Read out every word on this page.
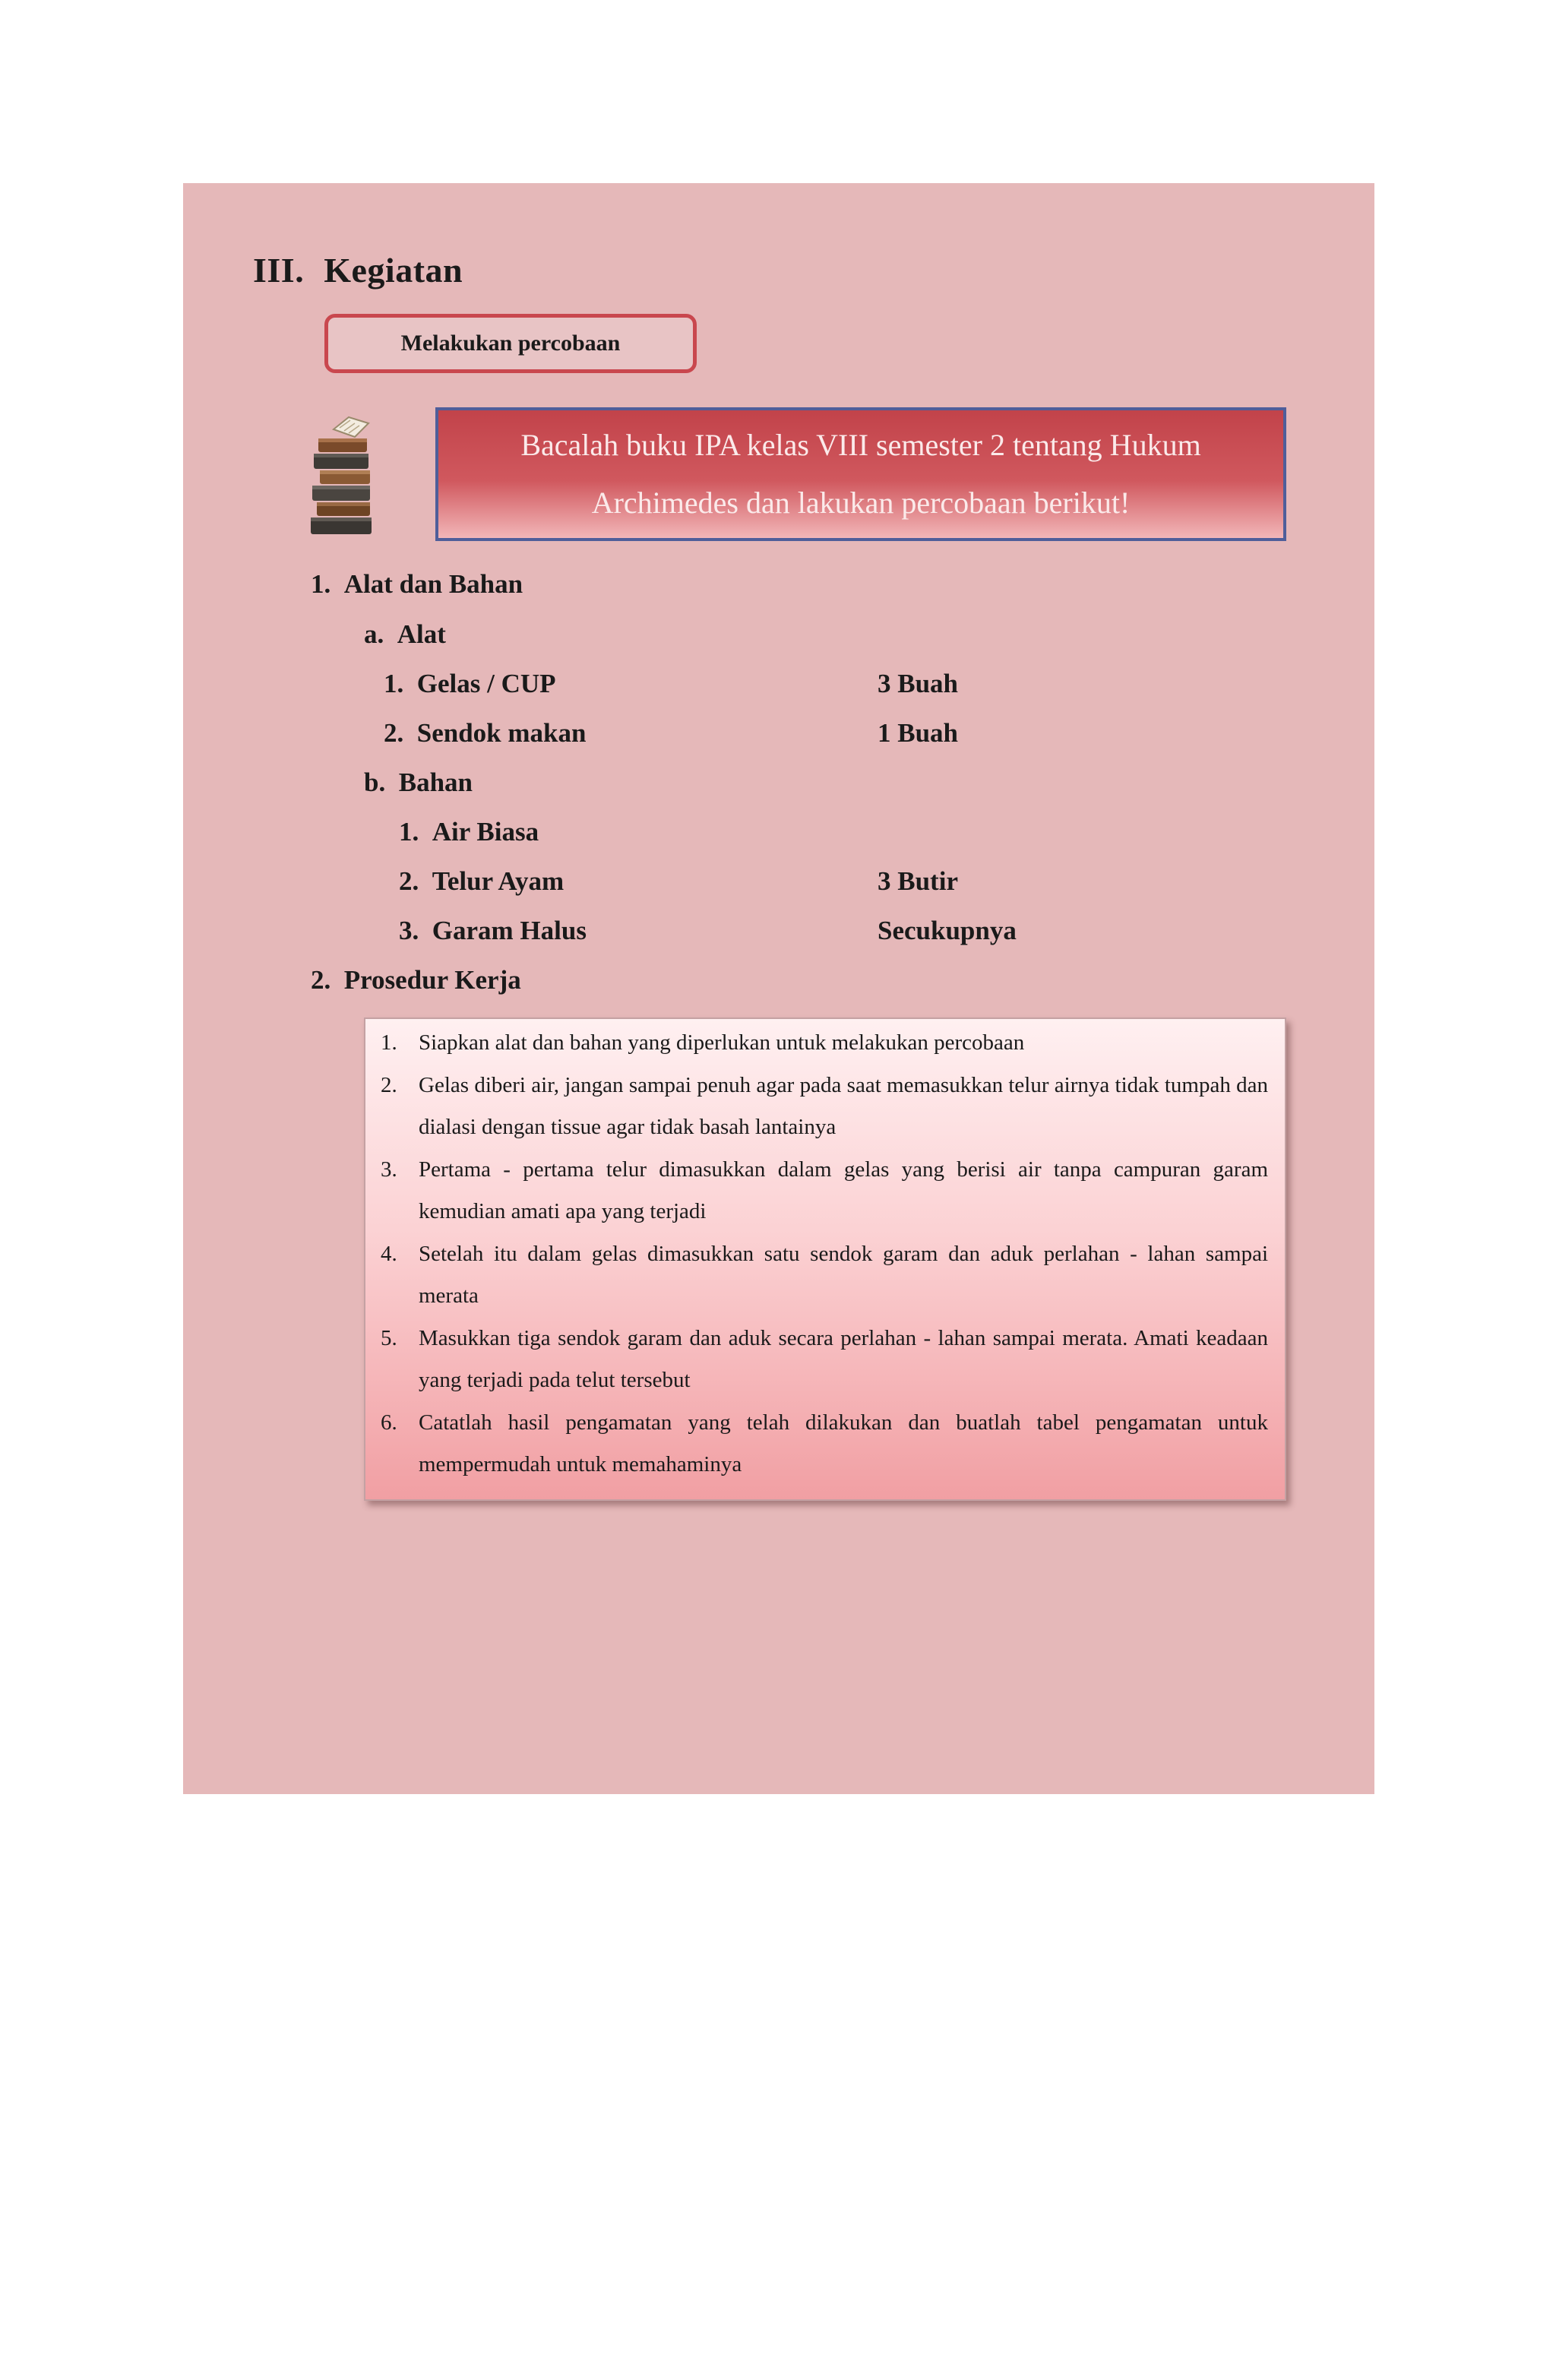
III. Kegiatan
Melakukan percobaan
Bacalah buku IPA kelas VIII semester 2 tentang Hukum
Archimedes dan lakukan percobaan berikut!
1. Alat dan Bahan
a. Alat
1. Gelas / CUP	3 Buah
2. Sendok makan	1 Buah
b. Bahan
1. Air Biasa
2. Telur Ayam	3 Butir
3. Garam Halus	Secukupnya
2. Prosedur Kerja
1. Siapkan alat dan bahan yang diperlukan untuk melakukan percobaan
2. Gelas diberi air, jangan sampai penuh agar pada saat memasukkan telur airnya tidak tumpah dan dialasi dengan tissue agar tidak basah lantainya
3. Pertama - pertama telur dimasukkan dalam gelas yang berisi air tanpa campuran garam kemudian amati apa yang terjadi
4. Setelah itu dalam gelas dimasukkan satu sendok garam dan aduk perlahan - lahan sampai merata
5. Masukkan tiga sendok garam dan aduk secara perlahan - lahan sampai merata. Amati keadaan yang terjadi pada telut tersebut
6. Catatlah hasil pengamatan yang telah dilakukan dan buatlah tabel pengamatan untuk mempermudah untuk memahaminya
